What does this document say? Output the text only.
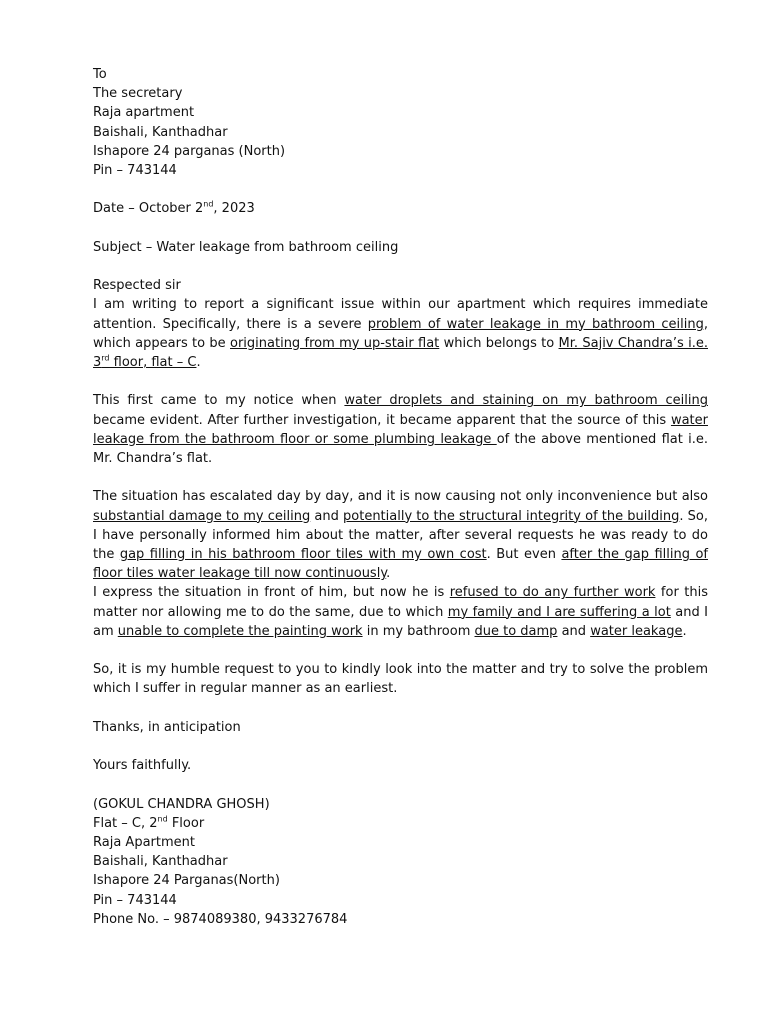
To
The secretary
Raja apartment
Baishali, Kanthadhar
Ishapore 24 parganas (North)
Pin – 743144
Date – October 2nd, 2023
Subject – Water leakage from bathroom ceiling
Respected sir
I am writing to report a significant issue within our apartment which requires immediate attention. Specifically, there is a severe problem of water leakage in my bathroom ceiling, which appears to be originating from my up-stair flat which belongs to Mr. Sajiv Chandra’s i.e. 3rd floor, flat – C.
This first came to my notice when water droplets and staining on my bathroom ceiling became evident. After further investigation, it became apparent that the source of this water leakage from the bathroom floor or some plumbing leakage of the above mentioned flat i.e. Mr. Chandra’s flat.
The situation has escalated day by day, and it is now causing not only inconvenience but also substantial damage to my ceiling and potentially to the structural integrity of the building. So, I have personally informed him about the matter, after several requests he was ready to do the gap filling in his bathroom floor tiles with my own cost. But even after the gap filling of floor tiles water leakage till now continuously.
I express the situation in front of him, but now he is refused to do any further work for this matter nor allowing me to do the same, due to which my family and I are suffering a lot and I am unable to complete the painting work in my bathroom due to damp and water leakage.
So, it is my humble request to you to kindly look into the matter and try to solve the problem which I suffer in regular manner as an earliest.
Thanks, in anticipation
Yours faithfully.
(GOKUL CHANDRA GHOSH)
Flat – C, 2nd Floor
Raja Apartment
Baishali, Kanthadhar
Ishapore 24 Parganas(North)
Pin – 743144
Phone No. – 9874089380, 9433276784
